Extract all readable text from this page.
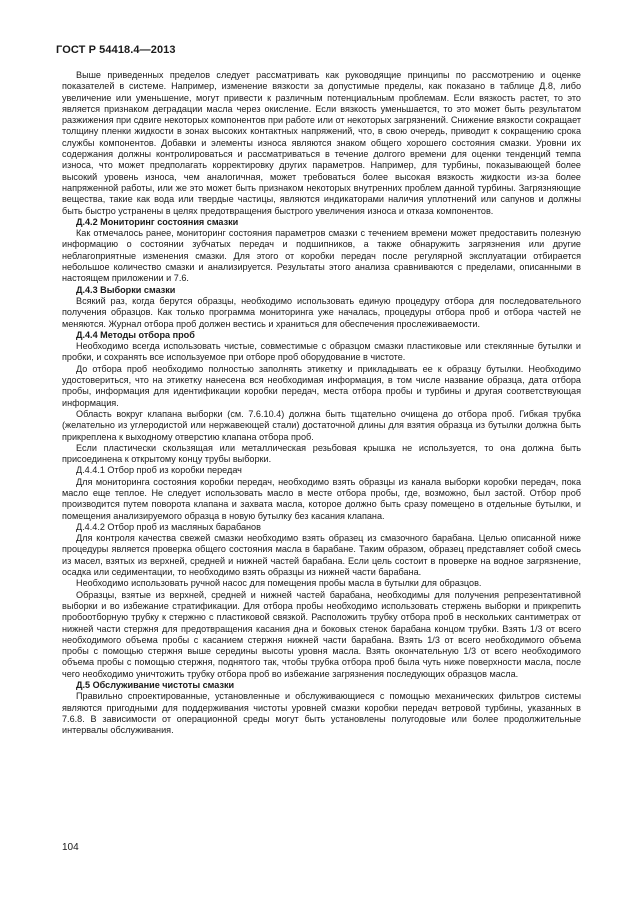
ГОСТ Р 54418.4—2013

Выше приведенных пределов следует рассматривать как руководящие принципы по рассмотрению и оценке показателей в системе. Например, изменение вязкости за допустимые пределы, как показано в таблице Д.8, либо увеличение или уменьшение, могут привести к различным потенциальным проблемам. Если вязкость растет, то это является признаком деградации масла через окисление. Если вязкость уменьшается, то это может быть результатом разжижения при сдвиге некоторых компонентов при работе или от некоторых загрязнений. Снижение вязкости сокращает толщину пленки жидкости в зонах высоких контактных напряжений, что, в свою очередь, приводит к сокращению срока службы компонентов. Добавки и элементы износа являются знаком общего хорошего состояния смазки. Уровни их содержания должны контролироваться и рассматриваться в течение долгого времени для оценки тенденций темпа износа, что может предполагать корректировку других параметров. Например, для турбины, показывающей более высокий уровень износа, чем аналогичная, может требоваться более высокая вязкость жидкости из-за более напряженной работы, или же это может быть признаком некоторых внутренних проблем данной турбины. Загрязняющие вещества, такие как вода или твердые частицы, являются индикаторами наличия уплотнений или сапунов и должны быть быстро устранены в целях предотвращения быстрого увеличения износа и отказа компонентов.

Д.4.2 Мониторинг состояния смазки

Как отмечалось ранее, мониторинг состояния параметров смазки с течением времени может предоставить полезную информацию о состоянии зубчатых передач и подшипников, а также обнаружить загрязнения или другие неблагоприятные изменения смазки. Для этого от коробки передач после регулярной эксплуатации отбирается небольшое количество смазки и анализируется. Результаты этого анализа сравниваются с пределами, описанными в настоящем приложении и 7.6.

Д.4.3 Выборки смазки

Всякий раз, когда берутся образцы, необходимо использовать единую процедуру отбора для последовательного получения образцов. Как только программа мониторинга уже началась, процедуры отбора проб и отбора частей не меняются. Журнал отбора проб должен вестись и храниться для обеспечения прослеживаемости.

Д.4.4 Методы отбора проб

Необходимо всегда использовать чистые, совместимые с образцом смазки пластиковые или стеклянные бутылки и пробки, и сохранять все используемое при отборе проб оборудование в чистоте.

До отбора проб необходимо полностью заполнять этикетку и прикладывать ее к образцу бутылки. Необходимо удостовериться, что на этикетку нанесена вся необходимая информация, в том числе название образца, дата отбора пробы, информация для идентификации коробки передач, места отбора пробы и турбины и другая соответствующая информация.

Область вокруг клапана выборки (см. 7.6.10.4) должна быть тщательно очищена до отбора проб. Гибкая трубка (желательно из углеродистой или нержавеющей стали) достаточной длины для взятия образца из бутылки должна быть прикреплена к выходному отверстию клапана отбора проб.

Если пластически скользящая или металлическая резьбовая крышка не используется, то она должна быть присоединена к открытому концу трубы выборки.

Д.4.4.1 Отбор проб из коробки передач

Для мониторинга состояния коробки передач, необходимо взять образцы из канала выборки коробки передач, пока масло еще теплое. Не следует использовать масло в месте отбора пробы, где, возможно, был застой. Отбор проб производится путем поворота клапана и захвата масла, которое должно быть сразу помещено в отдельные бутылки, и помещения анализируемого образца в новую бутылку без касания клапана.

Д.4.4.2 Отбор проб из масляных барабанов

Для контроля качества свежей смазки необходимо взять образец из смазочного барабана. Целью описанной ниже процедуры является проверка общего состояния масла в барабане. Таким образом, образец представляет собой смесь из масел, взятых из верхней, средней и нижней частей барабана. Если цель состоит в проверке на водное загрязнение, осадка или седиментации, то необходимо взять образцы из нижней части барабана.

Необходимо использовать ручной насос для помещения пробы масла в бутылки для образцов.

Образцы, взятые из верхней, средней и нижней частей барабана, необходимы для получения репрезентативной выборки и во избежание стратификации. Для отбора пробы необходимо использовать стержень выборки и прикрепить пробоотборную трубку к стержню с пластиковой связкой. Расположить трубку отбора проб в нескольких сантиметрах от нижней части стержня для предотвращения касания дна и боковых стенок барабана концом трубки. Взять 1/3 от всего необходимого объема пробы с касанием стержня нижней части барабана. Взять 1/3 от всего необходимого объема пробы с помощью стержня выше середины высоты уровня масла. Взять окончательную 1/3 от всего необходимого объема пробы с помощью стержня, поднятого так, чтобы трубка отбора проб была чуть ниже поверхности масла, после чего необходимо уничтожить трубку отбора проб во избежание загрязнения последующих образцов масла.

Д.5 Обслуживание чистоты смазки

Правильно спроектированные, установленные и обслуживающиеся с помощью механических фильтров системы являются пригодными для поддерживания чистоты уровней смазки коробки передач ветровой турбины, указанных в 7.6.8. В зависимости от операционной среды могут быть установлены полугодовые или более продолжительные интервалы обслуживания.

104
